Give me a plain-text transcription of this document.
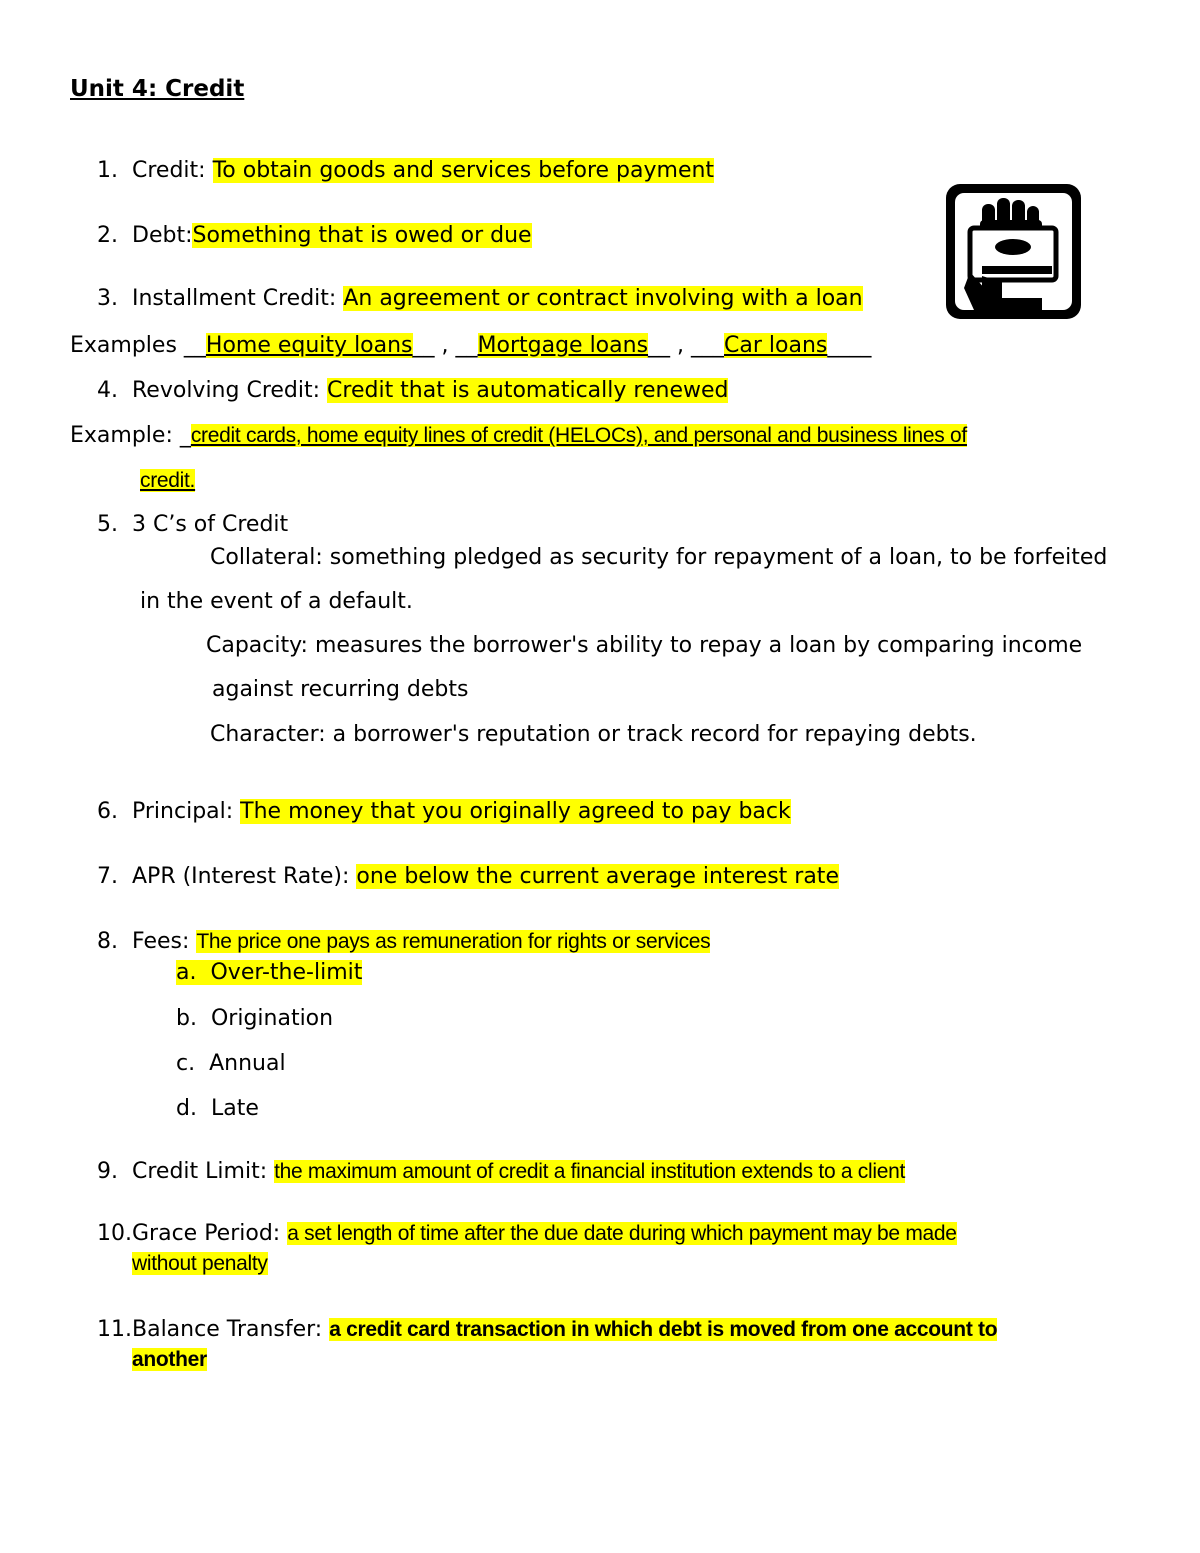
Unit 4: Credit
1. Credit: To obtain goods and services before payment
2. Debt:Something that is owed or due
3. Installment Credit: An agreement or contract involving with a loan
Examples __Home equity loans__ , __Mortgage loans__ , ___Car loans____
4. Revolving Credit: Credit that is automatically renewed
Example: _credit cards, home equity lines of credit (HELOCs), and personal and business lines of
credit.
5. 3 C’s of Credit
Collateral: something pledged as security for repayment of a loan, to be forfeited
in the event of a default.
Capacity: measures the borrower's ability to repay a loan by comparing income
against recurring debts
Character: a borrower's reputation or track record for repaying debts.
6. Principal: The money that you originally agreed to pay back
7. APR (Interest Rate): one below the current average interest rate
8. Fees: The price one pays as remuneration for rights or services
a. Over-the-limit
b. Origination
c. Annual
d. Late
9. Credit Limit: the maximum amount of credit a financial institution extends to a client
10.Grace Period: a set length of time after the due date during which payment may be made
without penalty
11.Balance Transfer: a credit card transaction in which debt is moved from one account to
another
